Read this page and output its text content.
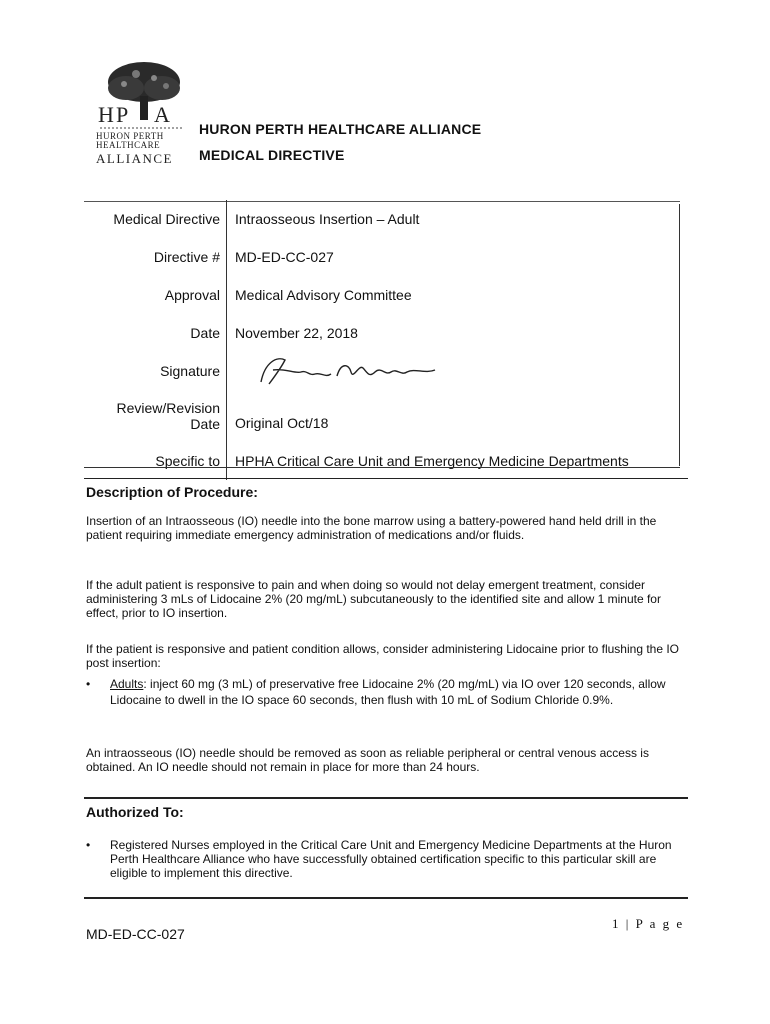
H P A
HURON PERTH
HEALTHCARE
ALLIANCE
HURON PERTH HEALTHCARE ALLIANCE
MEDICAL DIRECTIVE
Medical Directive	Intraosseous Insertion – Adult
Directive #	MD-ED-CC-027
Approval	Medical Advisory Committee
Date	November 22, 2018
Signature	

Review/Revision Date	Original Oct/18
Specific to	HPHA Critical Care Unit and Emergency Medicine Departments
Description of Procedure:
Insertion of an Intraosseous (IO) needle into the bone marrow using a battery-powered hand held drill in the patient requiring immediate emergency administration of medications and/or fluids.
If the adult patient is responsive to pain and when doing so would not delay emergent treatment, consider administering 3 mLs of Lidocaine 2% (20 mg/mL) subcutaneously to the identified site and allow 1 minute for effect, prior to IO insertion.
If the patient is responsive and patient condition allows, consider administering Lidocaine prior to flushing the IO post insertion:
• Adults: inject 60 mg (3 mL) of preservative free Lidocaine 2% (20 mg/mL) via IO over 120 seconds, allow Lidocaine to dwell in the IO space 60 seconds, then flush with 10 mL of Sodium Chloride 0.9%.
An intraosseous (IO) needle should be removed as soon as reliable peripheral or central venous access is obtained. An IO needle should not remain in place for more than 24 hours.
Authorized To:
• Registered Nurses employed in the Critical Care Unit and Emergency Medicine Departments at the Huron Perth Healthcare Alliance who have successfully obtained certification specific to this particular skill are eligible to implement this directive.
MD-ED-CC-027
1 | P a g e
